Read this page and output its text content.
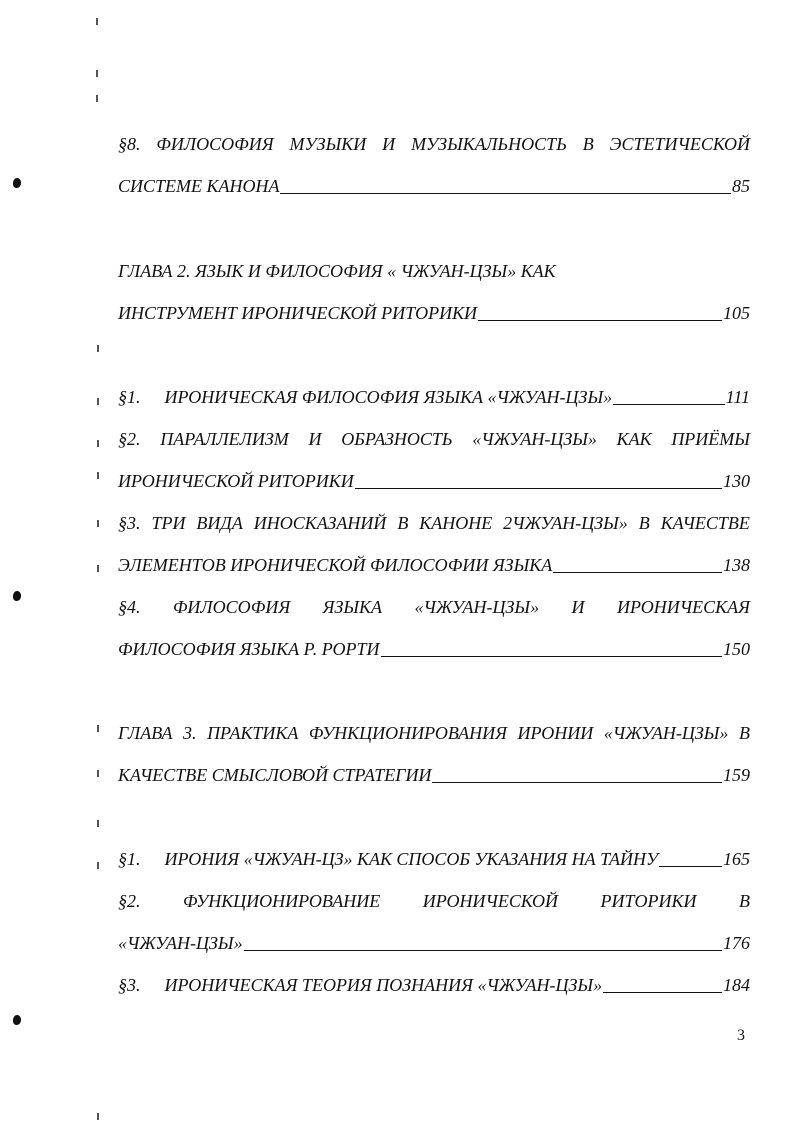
§8. ФИЛОСОФИЯ МУЗЫКИ И МУЗЫКАЛЬНОСТЬ В ЭСТЕТИЧЕСКОЙ
СИСТЕМЕ КАНОНА	85
ГЛАВА 2. ЯЗЫК И ФИЛОСОФИЯ « ЧЖУАН-ЦЗЫ» КАК
ИНСТРУМЕНТ ИРОНИЧЕСКОЙ РИТОРИКИ	105
§1. ИРОНИЧЕСКАЯ ФИЛОСОФИЯ ЯЗЫКА «ЧЖУАН-ЦЗЫ»	111
§2. ПАРАЛЛЕЛИЗМ И ОБРАЗНОСТЬ «ЧЖУАН-ЦЗЫ» КАК ПРИЁМЫ
ИРОНИЧЕСКОЙ РИТОРИКИ	130
§3. ТРИ ВИДА ИНОСКАЗАНИЙ В КАНОНЕ 2ЧЖУАН-ЦЗЫ» В КАЧЕСТВЕ
ЭЛЕМЕНТОВ ИРОНИЧЕСКОЙ ФИЛОСОФИИ ЯЗЫКА	138
§4. ФИЛОСОФИЯ ЯЗЫКА «ЧЖУАН-ЦЗЫ» И ИРОНИЧЕСКАЯ
ФИЛОСОФИЯ ЯЗЫКА Р. РОРТИ	150
ГЛАВА 3. ПРАКТИКА ФУНКЦИОНИРОВАНИЯ ИРОНИИ «ЧЖУАН-ЦЗЫ» В
КАЧЕСТВЕ СМЫСЛОВОЙ СТРАТЕГИИ	159
§1. ИРОНИЯ «ЧЖУАН-ЦЗ» КАК СПОСОБ УКАЗАНИЯ НА ТАЙНУ	165
§2. ФУНКЦИОНИРОВАНИЕ ИРОНИЧЕСКОЙ РИТОРИКИ В
«ЧЖУАН-ЦЗЫ»	176
§3. ИРОНИЧЕСКАЯ ТЕОРИЯ ПОЗНАНИЯ «ЧЖУАН-ЦЗЫ»	184
3
